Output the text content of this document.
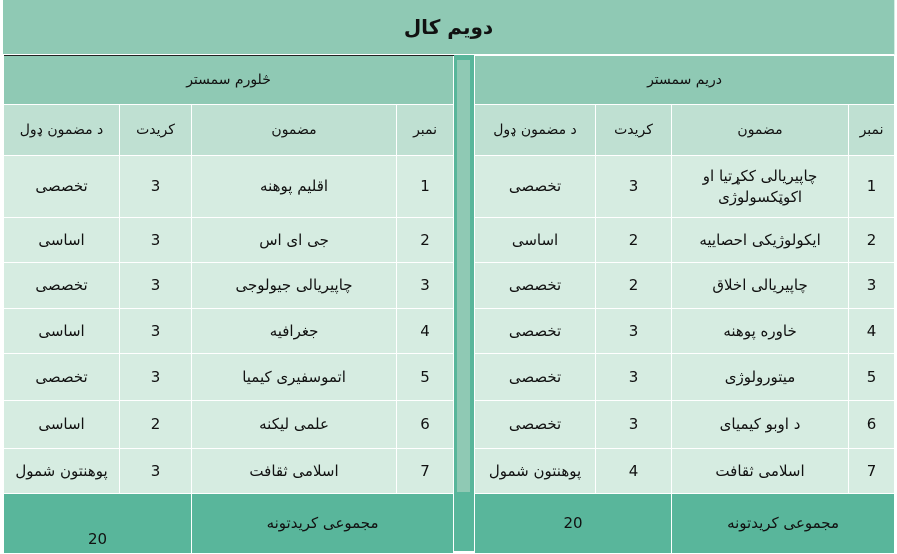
دویم کال
دریم سمستر			
نمبر	مضمون	کریدت	د مضمون ډول
1	چاپیریالی ککړتیا او اکوټکسولوژی	3	تخصصی
2	ایکولوژیکی احصاییه	2	اساسی
3	چاپیریالی اخلاق	2	تخصصی
4	خاوره پوهنه	3	تخصصی
5	میتورولوژی	3	تخصصی
6	د اوبو کیمیای	3	تخصصی
7	اسلامی ثقافت	4	پوهنتون شمول
مجموعی کریدتونه		20	
څلورم سمستر			
نمبر	مضمون	کریدت	د مضمون ډول
1	اقلیم پوهنه	3	تخصصی
2	جی ای اس	3	اساسی
3	چاپیریالی جیولوجی	3	تخصصی
4	جغرافیه	3	اساسی
5	اتموسفیری کیمیا	3	تخصصی
6	علمی لیکنه	2	اساسی
7	اسلامی ثقافت	3	پوهنتون شمول
مجموعی کریدتونه		20	
